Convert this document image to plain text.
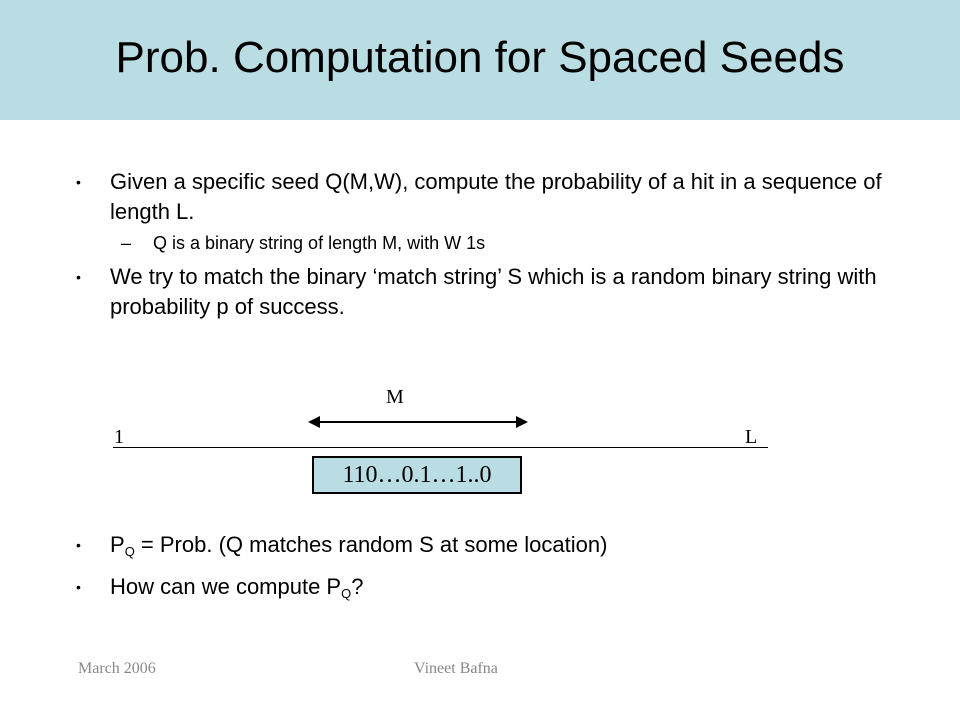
Prob. Computation for Spaced Seeds
• Given a specific seed Q(M,W), compute the probability of a hit in a sequence of length L.
– Q is a binary string of length M, with W 1s
• We try to match the binary ‘match string’ S which is a random binary string with probability p of success.
M
1	L
110…0.1…1..0
• $P_Q$ = Prob. (Q matches random S at some location)
• How can we compute $P_Q$?
March 2006	Vineet Bafna
